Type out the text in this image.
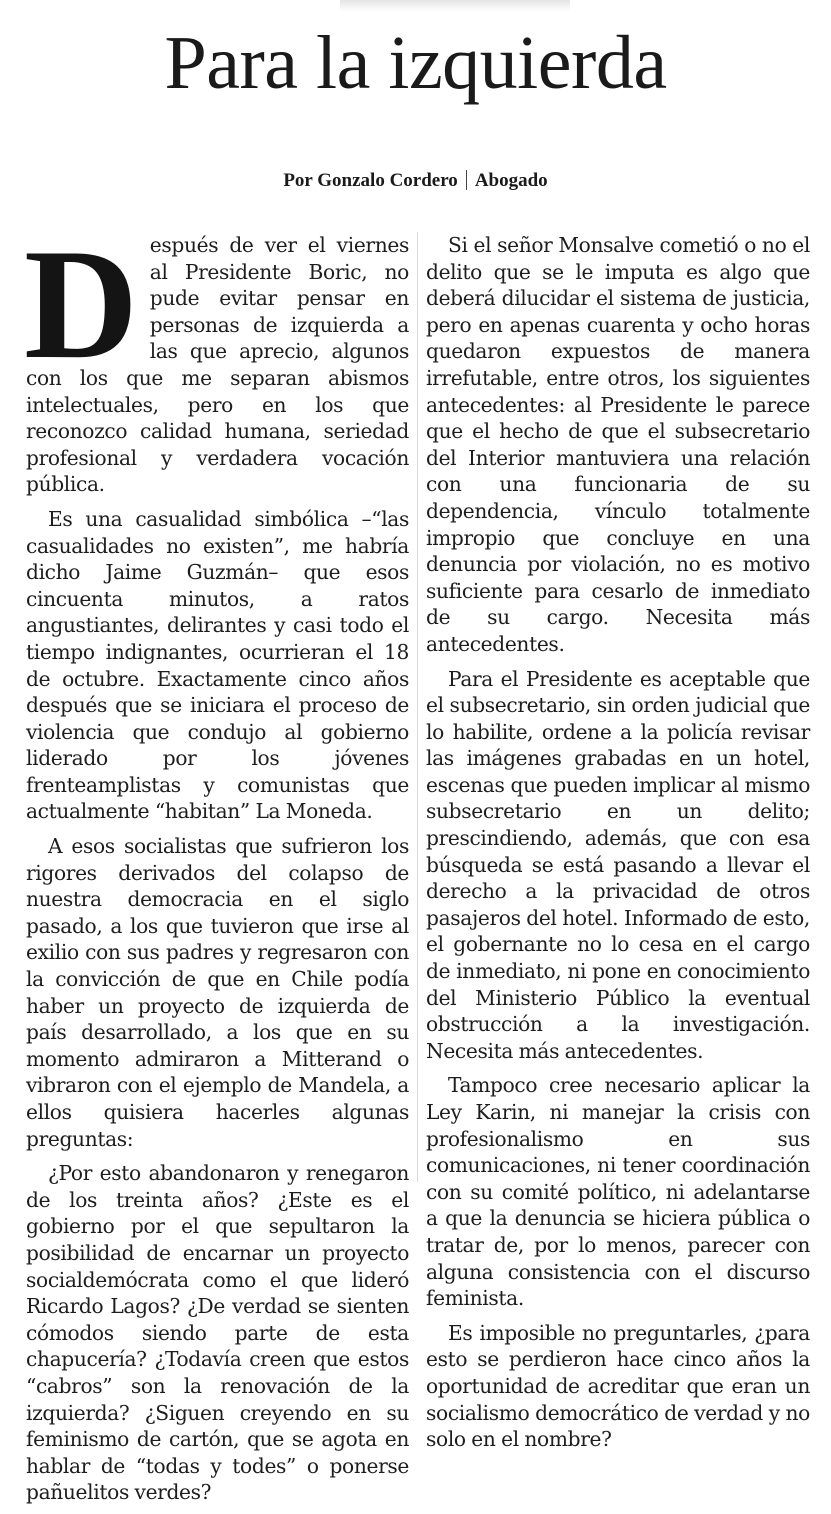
Para la izquierda
Por Gonzalo Cordero Abogado

Después de ver el viernes al Presidente Boric, no pude evitar pensar en personas de izquierda a las que aprecio, algunos con los que me separan abismos intelectuales, pero en los que reconozco calidad humana, seriedad profesional y verdadera vocación pública.

Es una casualidad simbólica –“las casualidades no existen”, me habría dicho Jaime Guzmán– que esos cincuenta minutos, a ratos angustiantes, delirantes y casi todo el tiempo indignantes, ocurrieran el 18 de octubre. Exactamente cinco años después que se iniciara el proceso de violencia que condujo al gobierno liderado por los jóvenes frenteamplistas y comunistas que actualmente “habitan” La Moneda.

A esos socialistas que sufrieron los rigores derivados del colapso de nuestra democracia en el siglo pasado, a los que tuvieron que irse al exilio con sus padres y regresaron con la convicción de que en Chile podía haber un proyecto de izquierda de país desarrollado, a los que en su momento admiraron a Mitterand o vibraron con el ejemplo de Mandela, a ellos quisiera hacerles algunas preguntas:

¿Por esto abandonaron y renegaron de los treinta años? ¿Este es el gobierno por el que sepultaron la posibilidad de encarnar un proyecto socialdemócrata como el que lideró Ricardo Lagos? ¿De verdad se sienten cómodos siendo parte de esta chapucería? ¿Todavía creen que estos “cabros” son la renovación de la izquierda? ¿Siguen creyendo en su feminismo de cartón, que se agota en hablar de “todas y todes” o ponerse pañuelitos verdes?

Si el señor Monsalve cometió o no el delito que se le imputa es algo que deberá dilucidar el sistema de justicia, pero en apenas cuarenta y ocho horas quedaron expuestos de manera irrefutable, entre otros, los siguientes antecedentes: al Presidente le parece que el hecho de que el subsecretario del Interior mantuviera una relación con una funcionaria de su dependencia, vínculo totalmente impropio que concluye en una denuncia por violación, no es motivo suficiente para cesarlo de inmediato de su cargo. Necesita más antecedentes.

Para el Presidente es aceptable que el subsecretario, sin orden judicial que lo habilite, ordene a la policía revisar las imágenes grabadas en un hotel, escenas que pueden implicar al mismo subsecretario en un delito; prescindiendo, además, que con esa búsqueda se está pasando a llevar el derecho a la privacidad de otros pasajeros del hotel. Informado de esto, el gobernante no lo cesa en el cargo de inmediato, ni pone en conocimiento del Ministerio Público la eventual obstrucción a la investigación. Necesita más antecedentes.

Tampoco cree necesario aplicar la Ley Karin, ni manejar la crisis con profesionalismo en sus comunicaciones, ni tener coordinación con su comité político, ni adelantarse a que la denuncia se hiciera pública o tratar de, por lo menos, parecer con alguna consistencia con el discurso feminista.

Es imposible no preguntarles, ¿para esto se perdieron hace cinco años la oportunidad de acreditar que eran un socialismo democrático de verdad y no solo en el nombre?
